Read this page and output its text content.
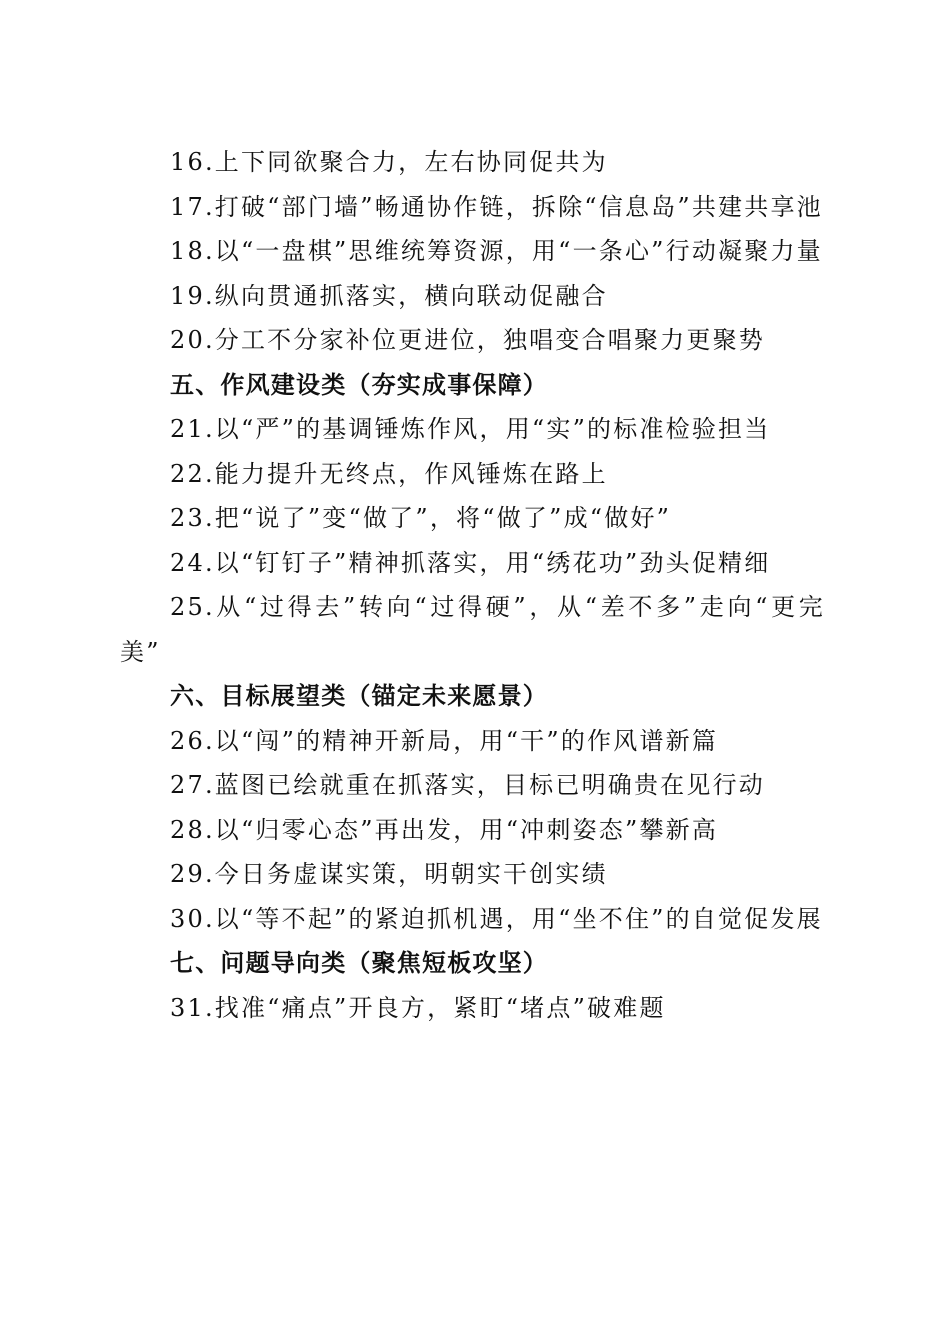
16.上下同欲聚合力，左右协同促共为

17.打破“部门墙”畅通协作链，拆除“信息岛”共建共享池

18.以“一盘棋”思维统筹资源，用“一条心”行动凝聚力量

19.纵向贯通抓落实，横向联动促融合

20.分工不分家补位更进位，独唱变合唱聚力更聚势

五、作风建设类（夯实成事保障）

21.以“严”的基调锤炼作风，用“实”的标准检验担当

22.能力提升无终点，作风锤炼在路上

23.把“说了”变“做了”，将“做了”成“做好”

24.以“钉钉子”精神抓落实，用“绣花功”劲头促精细

25.从“过得去”转向“过得硬”，从“差不多”走向“更完美”

六、目标展望类（锚定未来愿景）

26.以“闯”的精神开新局，用“干”的作风谱新篇

27.蓝图已绘就重在抓落实，目标已明确贵在见行动

28.以“归零心态”再出发，用“冲刺姿态”攀新高

29.今日务虚谋实策，明朝实干创实绩

30.以“等不起”的紧迫抓机遇，用“坐不住”的自觉促发展

七、问题导向类（聚焦短板攻坚）

31.找准“痛点”开良方，紧盯“堵点”破难题
